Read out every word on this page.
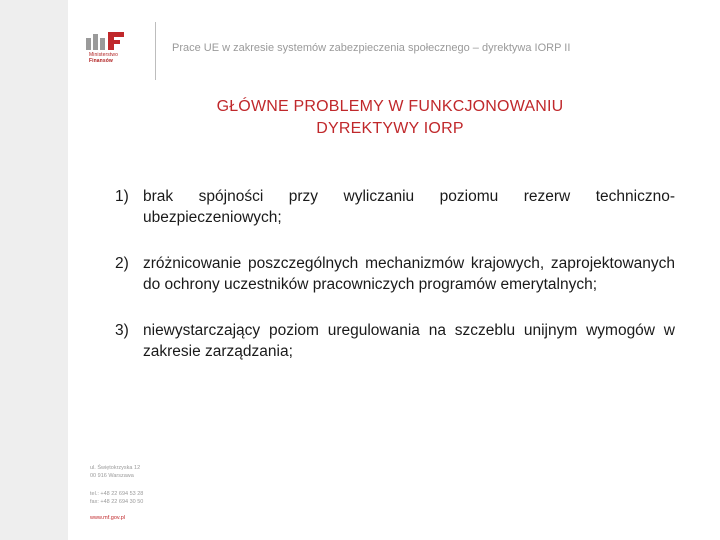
Ministerstwo
Finansów
Prace UE w zakresie systemów zabezpieczenia społecznego – dyrektywa IORP II
GŁÓWNE PROBLEMY W FUNKCJONOWANIU
DYREKTYWY IORP
1) brak spójności przy wyliczaniu poziomu rezerw techniczno-ubezpieczeniowych;
2) zróżnicowanie poszczególnych mechanizmów krajowych, zaprojektowanych do ochrony uczestników pracowniczych programów emerytalnych;
3) niewystarczający poziom uregulowania na szczeblu unijnym wymogów w zakresie zarządzania;
ul. Świętokrzyska 12
00 916 Warszawa
tel.: +48 22 694 53 28
fax: +48 22 694 30 50
www.mf.gov.pl
